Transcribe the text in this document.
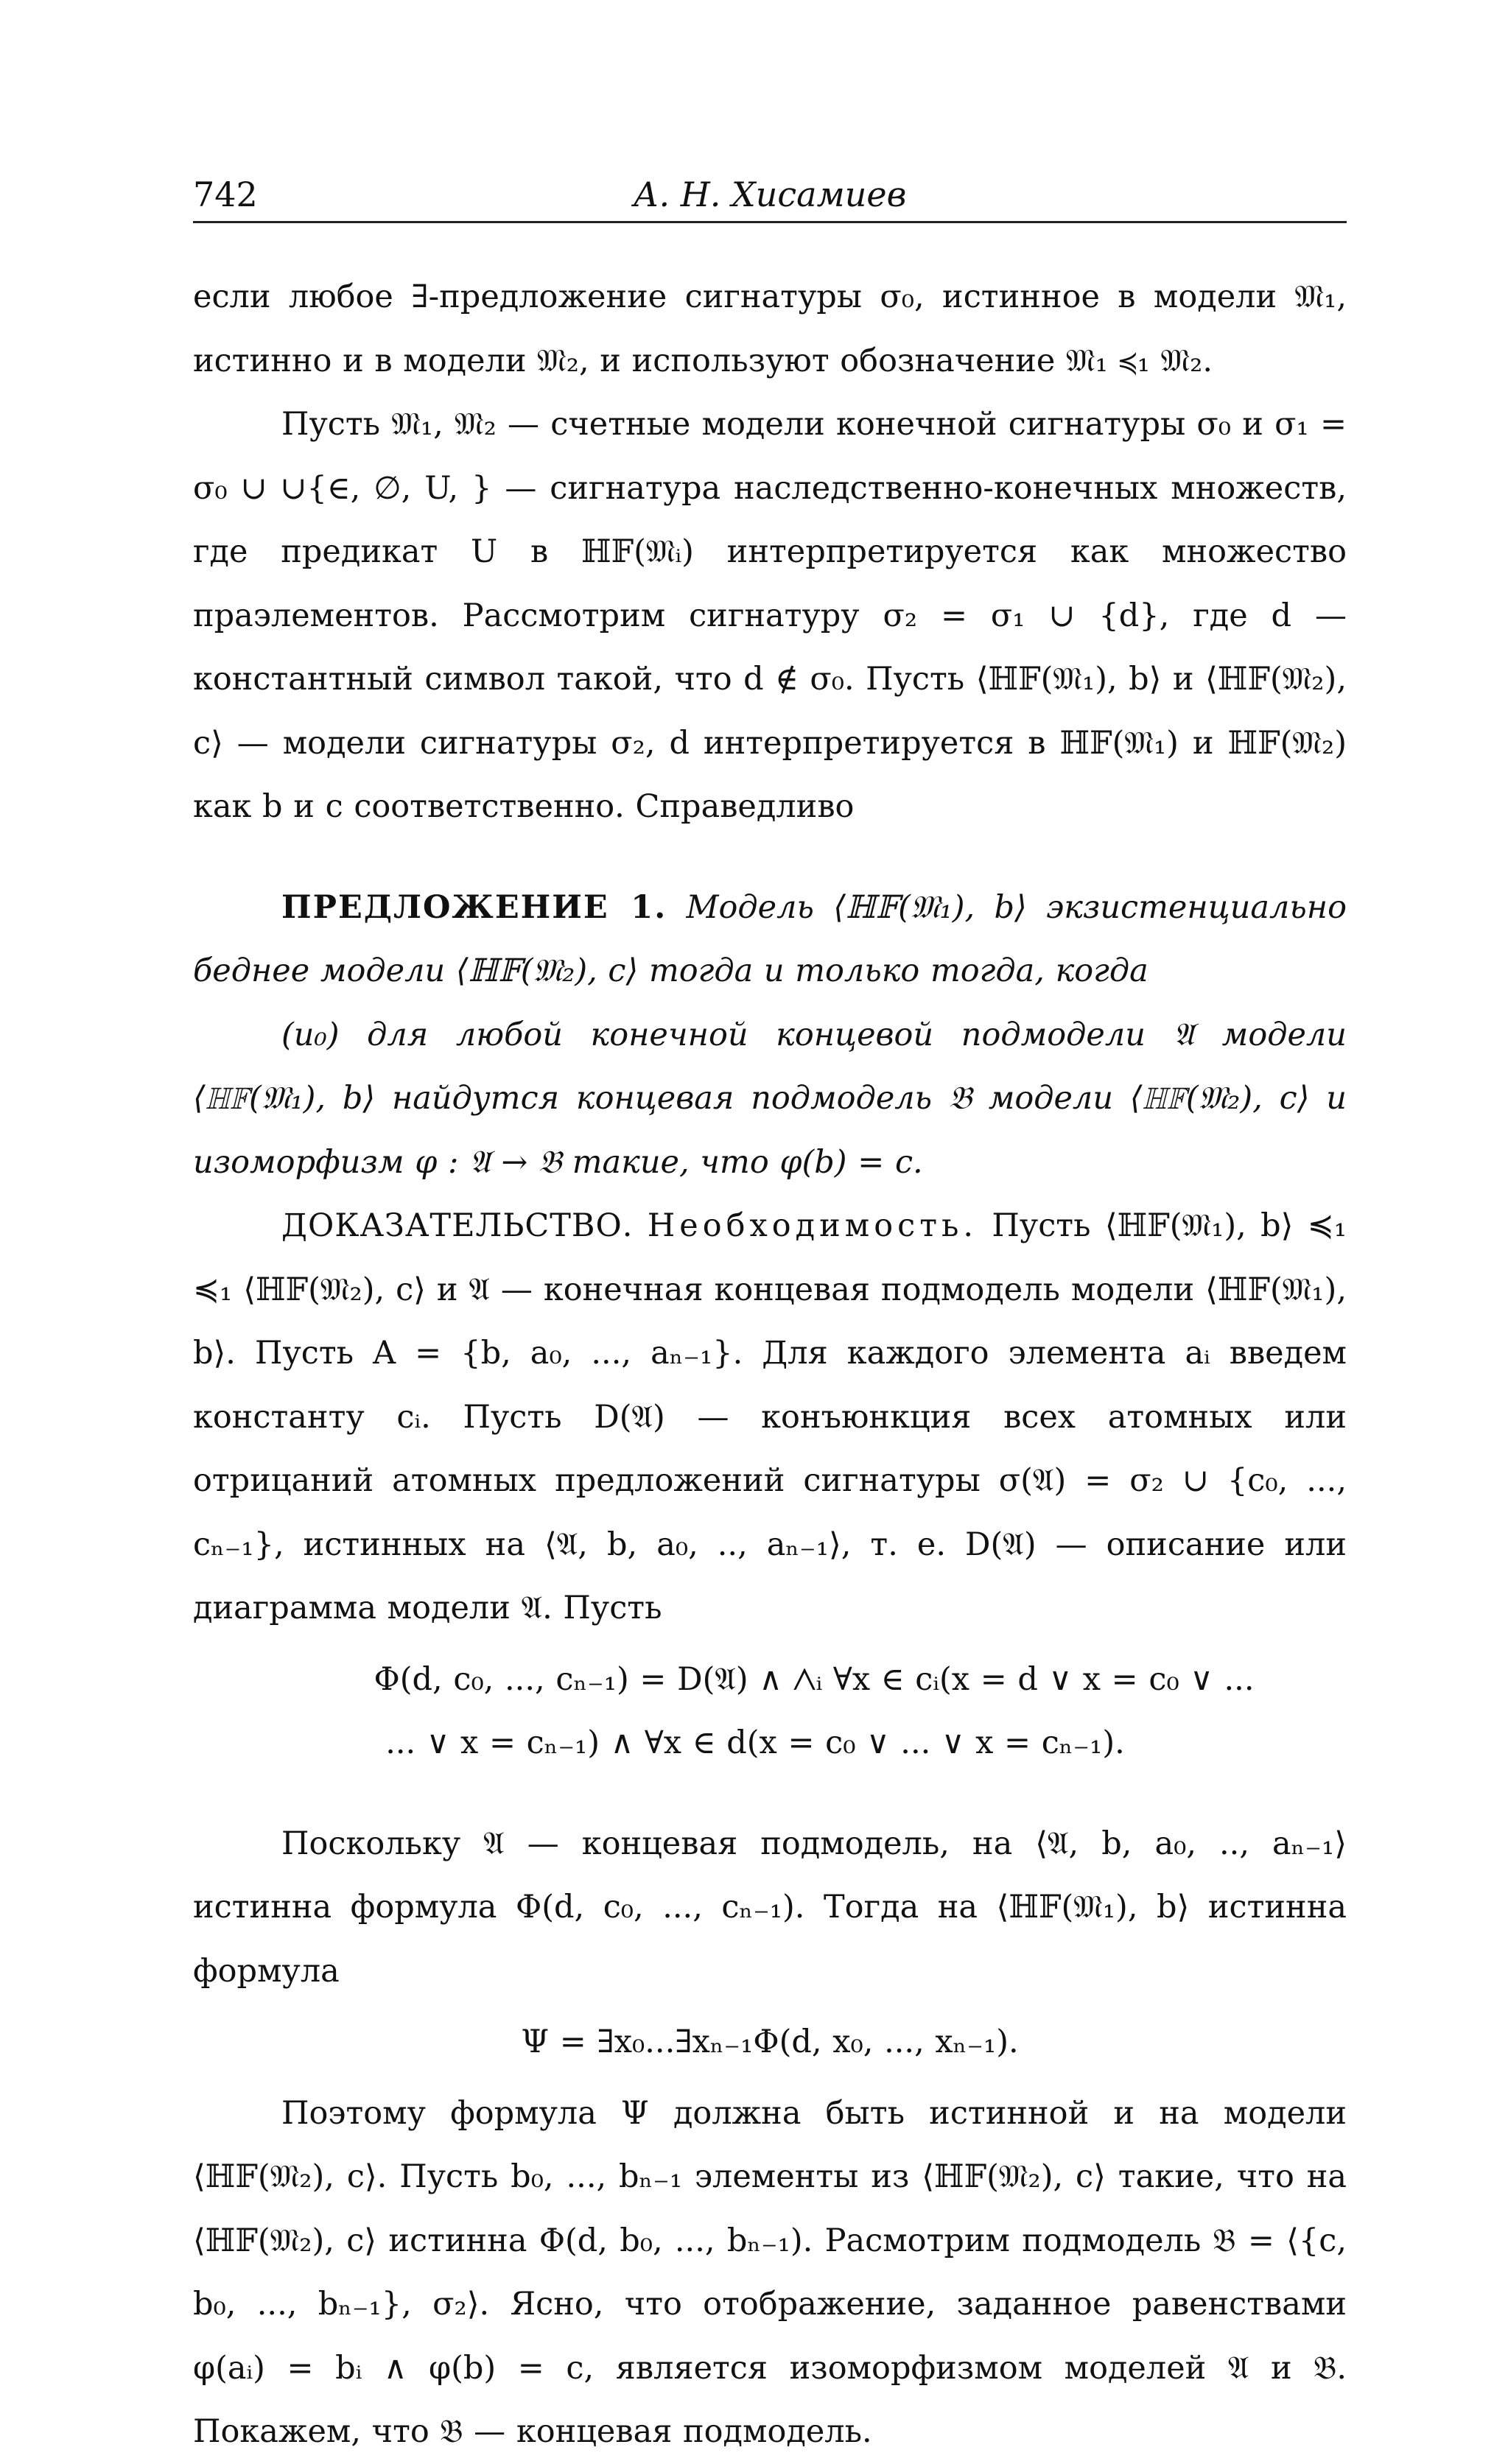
742	А. Н. Хисамиев

если любое ∃-предложение сигнатуры σ₀, истинное в модели 𝔐₁, истинно и в модели 𝔐₂, и используют обозначение 𝔐₁ ≼₁ 𝔐₂.

Пусть 𝔐₁, 𝔐₂ — счетные модели конечной сигнатуры σ₀ и σ₁ = σ₀ ∪ ∪{∈, ∅, U, } — сигнатура наследственно-конечных множеств, где предикат U в ℍ𝔽(𝔐ᵢ) интерпретируется как множество праэлементов. Рассмотрим сигнатуру σ₂ = σ₁ ∪ {d}, где d — константный символ такой, что d ∉ σ₀. Пусть ⟨ℍ𝔽(𝔐₁), b⟩ и ⟨ℍ𝔽(𝔐₂), c⟩ — модели сигнатуры σ₂, d интерпретируется в ℍ𝔽(𝔐₁) и ℍ𝔽(𝔐₂) как b и c соответственно. Справедливо

ПРЕДЛОЖЕНИЕ 1. Модель ⟨ℍ𝔽(𝔐₁), b⟩ экзистенциально беднее модели ⟨ℍ𝔽(𝔐₂), c⟩ тогда и только тогда, когда

(u₀) для любой конечной концевой подмодели 𝔄 модели ⟨ℍ𝔽(𝔐₁), b⟩ найдутся концевая подмодель 𝔅 модели ⟨ℍ𝔽(𝔐₂), c⟩ и изоморфизм φ : 𝔄 → 𝔅 такие, что φ(b) = c.

ДОКАЗАТЕЛЬСТВО. Необходимость. Пусть ⟨ℍ𝔽(𝔐₁), b⟩ ≼₁ ≼₁ ⟨ℍ𝔽(𝔐₂), c⟩ и 𝔄 — конечная концевая подмодель модели ⟨ℍ𝔽(𝔐₁), b⟩. Пусть A = {b, a₀, ..., aₙ₋₁}. Для каждого элемента aᵢ введем константу cᵢ. Пусть D(𝔄) — конъюнкция всех атомных или отрицаний атомных предложений сигнатуры σ(𝔄) = σ₂ ∪ {c₀, ..., cₙ₋₁}, истинных на ⟨𝔄, b, a₀, .., aₙ₋₁⟩, т. е. D(𝔄) — описание или диаграмма модели 𝔄. Пусть

Φ(d, c₀, ..., cₙ₋₁) = D(𝔄) ∧ ⋀ᵢ ∀x ∈ cᵢ(x = d ∨ x = c₀ ∨ ...
... ∨ x = cₙ₋₁) ∧ ∀x ∈ d(x = c₀ ∨ ... ∨ x = cₙ₋₁).

Поскольку 𝔄 — концевая подмодель, на ⟨𝔄, b, a₀, .., aₙ₋₁⟩ истинна формула Φ(d, c₀, ..., cₙ₋₁). Тогда на ⟨ℍ𝔽(𝔐₁), b⟩ истинна формула

Ψ = ∃x₀...∃xₙ₋₁Φ(d, x₀, ..., xₙ₋₁).

Поэтому формула Ψ должна быть истинной и на модели ⟨ℍ𝔽(𝔐₂), c⟩. Пусть b₀, ..., bₙ₋₁ элементы из ⟨ℍ𝔽(𝔐₂), c⟩ такие, что на ⟨ℍ𝔽(𝔐₂), c⟩ истинна Φ(d, b₀, ..., bₙ₋₁). Расмотрим подмодель 𝔅 = ⟨{c, b₀, ..., bₙ₋₁}, σ₂⟩. Ясно, что отображение, заданное равенствами φ(aᵢ) = bᵢ ∧ φ(b) = c, является изоморфизмом моделей 𝔄 и 𝔅. Покажем, что 𝔅 — концевая подмодель.
